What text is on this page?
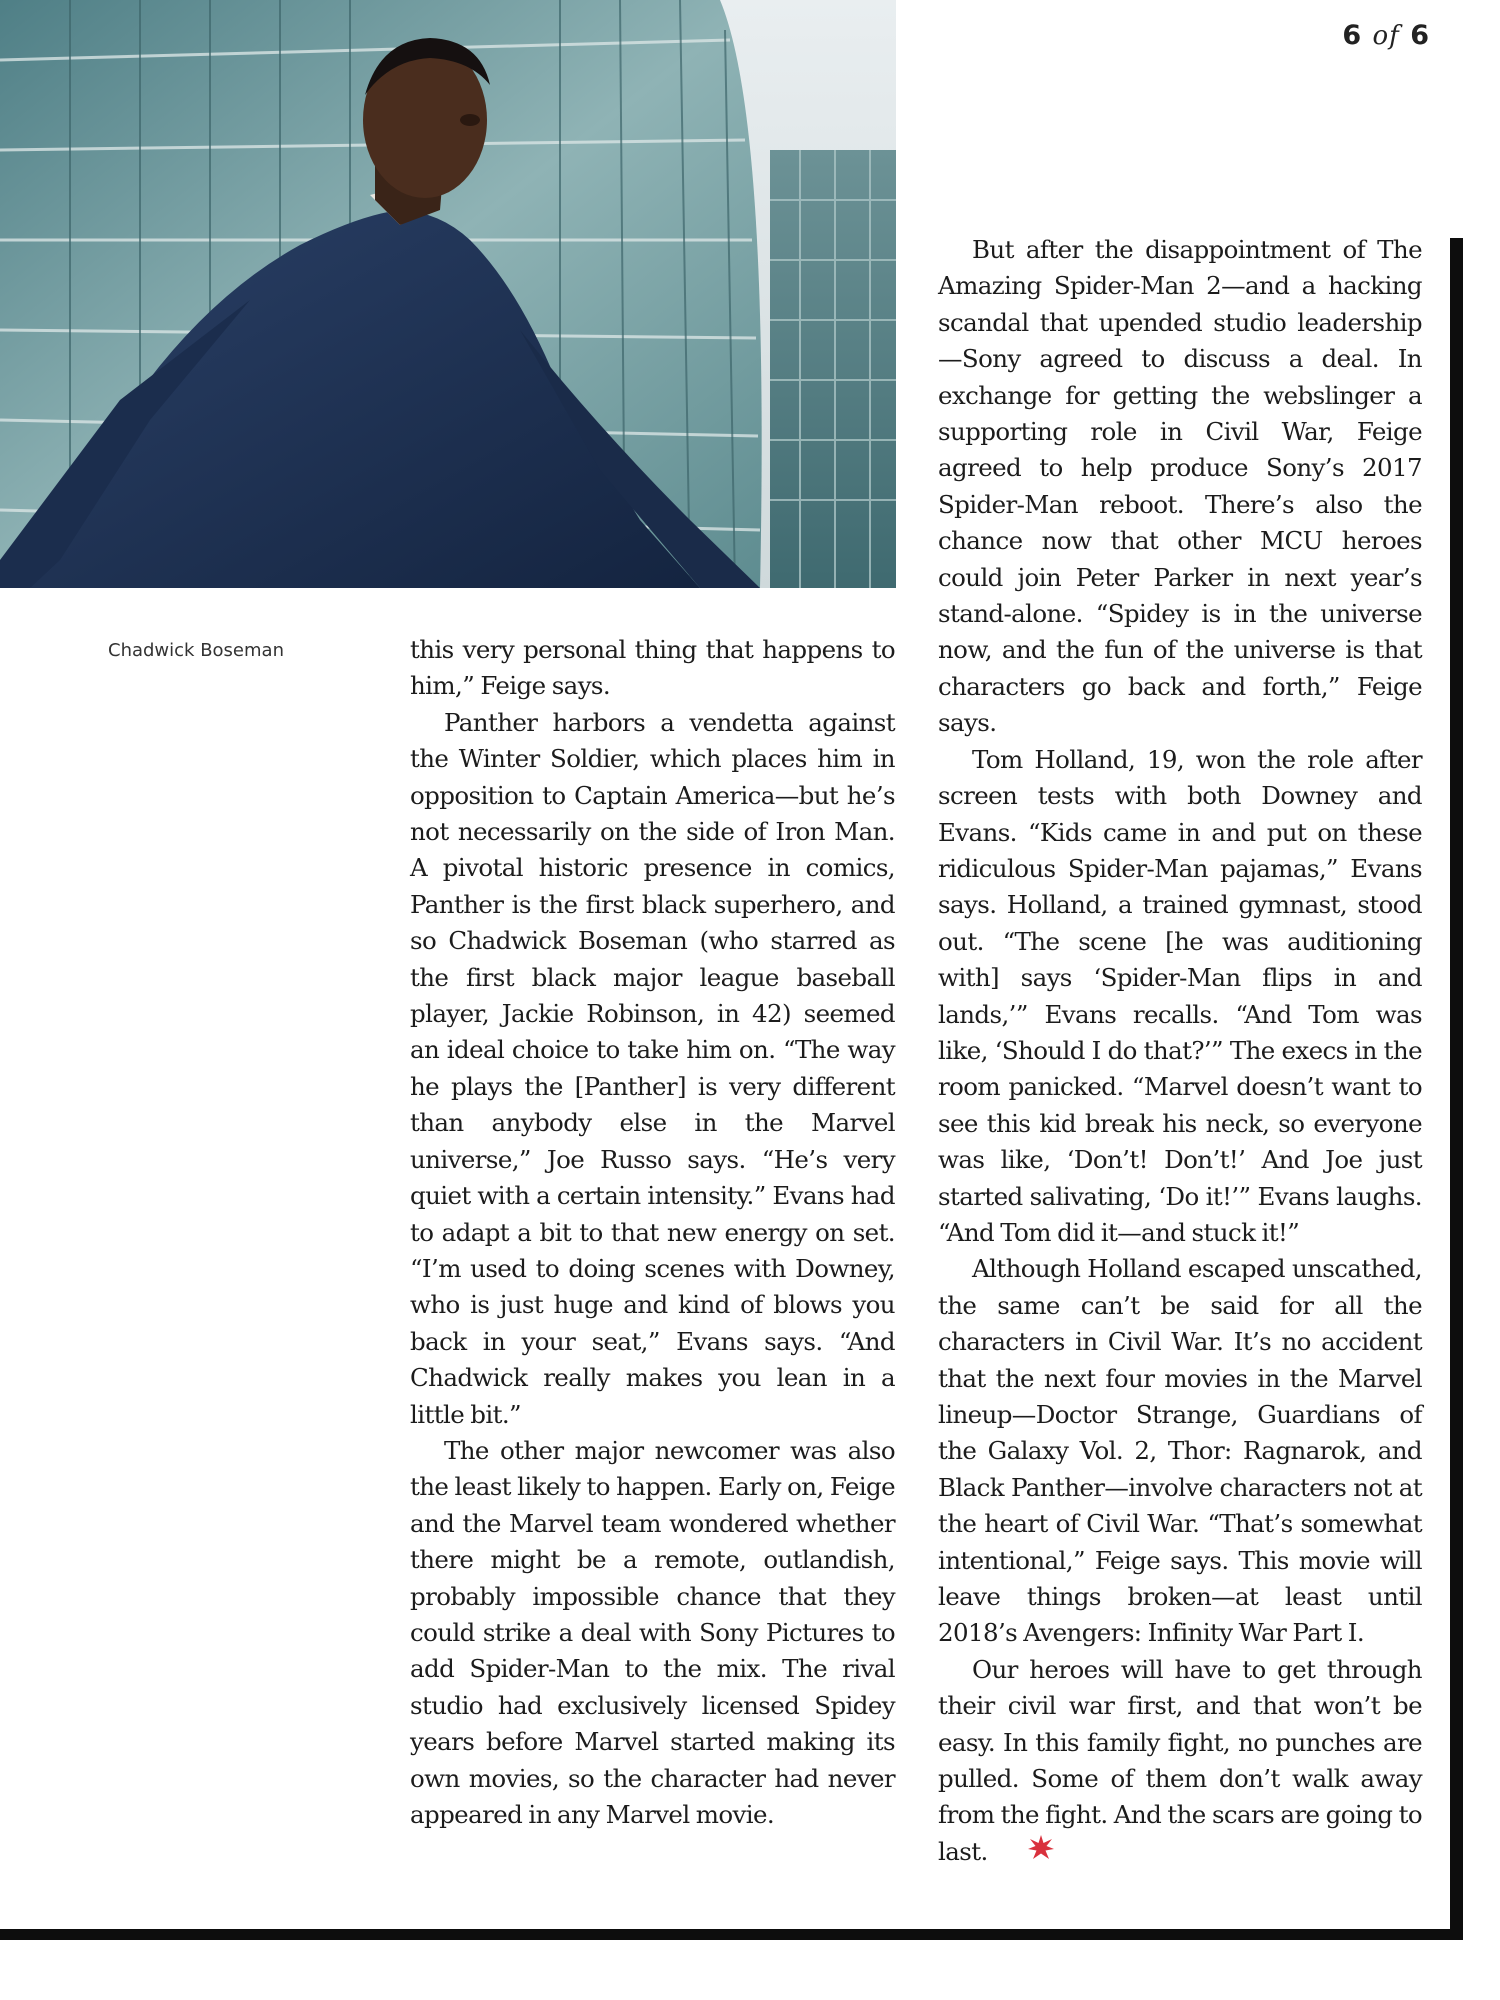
6 of 6
Chadwick Boseman	this very personal thing that happens to him,” Feige says.

Panther harbors a vendetta against the Winter Soldier, which places him in opposition to Captain America—but he’s not necessarily on the side of Iron Man. A pivotal historic presence in comics, Panther is the first black superhero, and so Chadwick Boseman (who starred as the first black major league baseball player, Jackie Robinson, in 42) seemed an ideal choice to take him on. “The way he plays the [Panther] is very different than anybody else in the Marvel universe,” Joe Russo says. “He’s very quiet with a certain intensity.” Evans had to adapt a bit to that new energy on set. “I’m used to doing scenes with Downey, who is just huge and kind of blows you back in your seat,” Evans says. “And Chadwick really makes you lean in a little bit.”

The other major newcomer was also the least likely to happen. Early on, Feige and the Marvel team wondered whether there might be a remote, outlandish, probably impossible chance that they could strike a deal with Sony Pictures to add Spider-Man to the mix. The rival studio had exclusively licensed Spidey years before Marvel started making its own movies, so the character had never appeared in any Marvel movie.

But after the disappointment of The Amazing Spider-Man 2—and a hacking scandal that upended studio leadership—Sony agreed to discuss a deal. In exchange for getting the webslinger a supporting role in Civil War, Feige agreed to help produce Sony’s 2017 Spider-Man reboot. There’s also the chance now that other MCU heroes could join Peter Parker in next year’s stand-alone. “Spidey is in the universe now, and the fun of the universe is that characters go back and forth,” Feige says.

Tom Holland, 19, won the role after screen tests with both Downey and Evans. “Kids came in and put on these ridiculous Spider-Man pajamas,” Evans says. Holland, a trained gymnast, stood out. “The scene [he was auditioning with] says ‘Spider-Man flips in and lands,’” Evans recalls. “And Tom was like, ‘Should I do that?’” The execs in the room panicked. “Marvel doesn’t want to see this kid break his neck, so everyone was like, ‘Don’t! Don’t!’ And Joe just started salivating, ‘Do it!’” Evans laughs. “And Tom did it—and stuck it!”

Although Holland escaped unscathed, the same can’t be said for all the characters in Civil War. It’s no accident that the next four movies in the Marvel lineup—Doctor Strange, Guardians of the Galaxy Vol. 2, Thor: Ragnarok, and Black Panther—involve characters not at the heart of Civil War. “That’s somewhat intentional,” Feige says. This movie will leave things broken—at least until 2018’s Avengers: Infinity War Part I.

Our heroes will have to get through their civil war first, and that won’t be easy. In this family fight, no punches are pulled. Some of them don’t walk away from the fight. And the scars are going to last.
